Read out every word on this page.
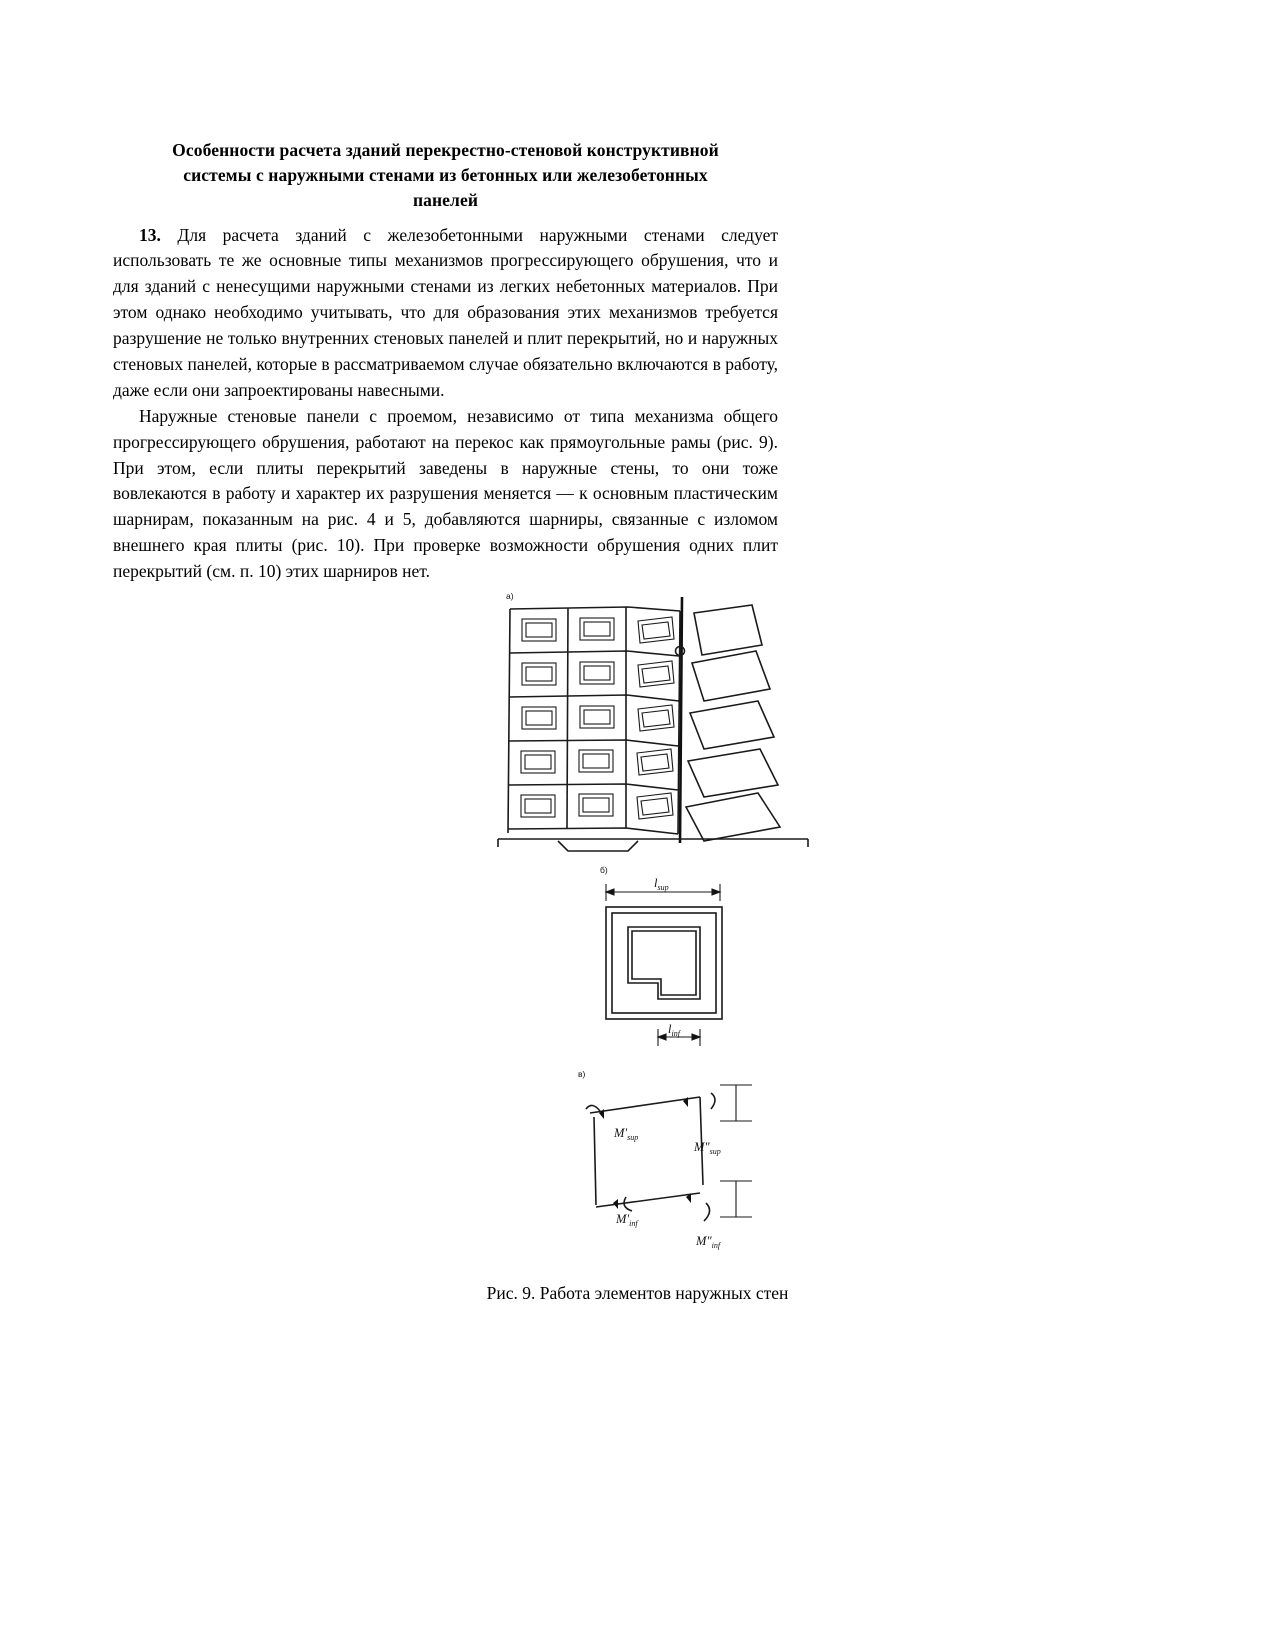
Особенности расчета зданий перекрестно-стеновой конструктивной
системы с наружными стенами из бетонных или железобетонных
панелей

13. Для расчета зданий с железобетонными наружными стенами следует использовать те же основные типы механизмов прогрессирующего обрушения, что и для зданий с ненесущими наружными стенами из легких небетонных материалов. При этом однако необходимо учитывать, что для образования этих механизмов требуется разрушение не только внутренних стеновых панелей и плит перекрытий, но и наружных стеновых панелей, которые в рассматриваемом случае обязательно включаются в работу, даже если они запроектированы навесными.

Наружные стеновые панели с проемом, независимо от типа механизма общего прогрессирующего обрушения, работают на перекос как прямоугольные рамы (рис. 9). При этом, если плиты перекрытий заведены в наружные стены, то они тоже вовлекаются в работу и характер их разрушения меняется — к основным пластическим шарнирам, показанным на рис. 4 и 5, добавляются шарниры, связанные с изломом внешнего края плиты (рис. 10). При проверке возможности обрушения одних плит перекрытий (см. п. 10) этих шарниров нет.

а)
б)
$l_{sup}$
$l_{inf}$
в)
$M'_{sup}$
$M"_{sup}$
$M'_{inf}$
$M"_{inf}$
Рис. 9. Работа элементов наружных стен
